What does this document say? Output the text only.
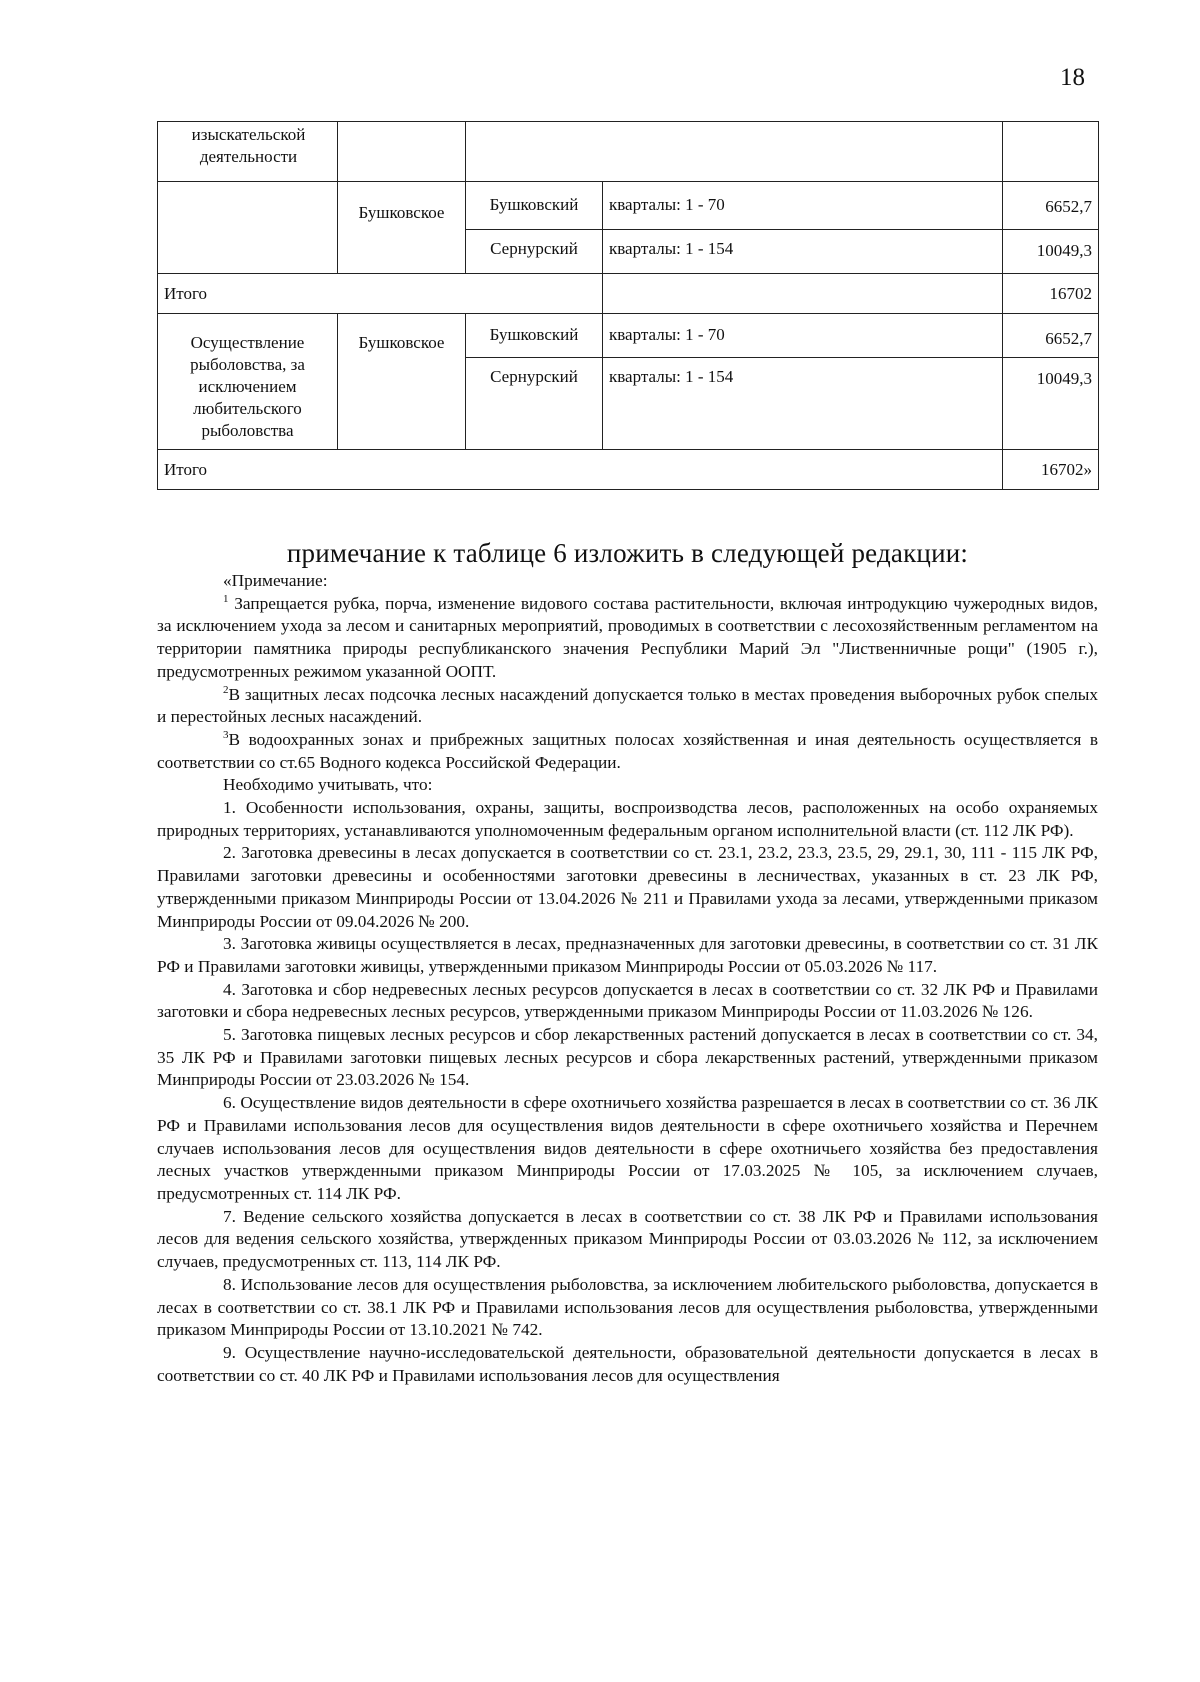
18
изыскательской деятельности				
	Бушковское	Бушковский	кварталы: 1 - 70	6652,7
		Сернурский	кварталы: 1 - 154	10049,3
Итого				16702
Осуществление рыболовства, за исключением любительского рыболовства	Бушковское	Бушковский	кварталы: 1 - 70	6652,7
		Сернурский	кварталы: 1 - 154	10049,3
Итого				16702»
примечание к таблице 6 изложить в следующей редакции:

«Примечание:

$^1$ Запрещается рубка, порча, изменение видового состава растительности, включая интродукцию чужеродных видов, за исключением ухода за лесом и санитарных мероприятий, проводимых в соответствии с лесохозяйственным регламентом на территории памятника природы республиканского значения Республики Марий Эл "Лиственничные рощи" (1905 г.), предусмотренных режимом указанной ООПТ.

$^2$В защитных лесах подсочка лесных насаждений допускается только в местах проведения выборочных рубок спелых и перестойных лесных насаждений.

$^3$В водоохранных зонах и прибрежных защитных полосах хозяйственная и иная деятельность осуществляется в соответствии со ст.65 Водного кодекса Российской Федерации.

Необходимо учитывать, что:

1. Особенности использования, охраны, защиты, воспроизводства лесов, расположенных на особо охраняемых природных территориях, устанавливаются уполномоченным федеральным органом исполнительной власти (ст. 112 ЛК РФ).

2. Заготовка древесины в лесах допускается в соответствии со ст. 23.1, 23.2, 23.3, 23.5, 29, 29.1, 30, 111 - 115 ЛК РФ, Правилами заготовки древесины и особенностями заготовки древесины в лесничествах, указанных в ст. 23 ЛК РФ, утвержденными приказом Минприроды России от 13.04.2026 № 211 и Правилами ухода за лесами, утвержденными приказом Минприроды России от 09.04.2026 № 200.

3. Заготовка живицы осуществляется в лесах, предназначенных для заготовки древесины, в соответствии со ст. 31 ЛК РФ и Правилами заготовки живицы, утвержденными приказом Минприроды России от 05.03.2026 № 117.

4. Заготовка и сбор недревесных лесных ресурсов допускается в лесах в соответствии со ст. 32 ЛК РФ и Правилами заготовки и сбора недревесных лесных ресурсов, утвержденными приказом Минприроды России от 11.03.2026 № 126.

5. Заготовка пищевых лесных ресурсов и сбор лекарственных растений допускается в лесах в соответствии со ст. 34, 35 ЛК РФ и Правилами заготовки пищевых лесных ресурсов и сбора лекарственных растений, утвержденными приказом Минприроды России от 23.03.2026 № 154.

6. Осуществление видов деятельности в сфере охотничьего хозяйства разрешается в лесах в соответствии со ст. 36 ЛК РФ и Правилами использования лесов для осуществления видов деятельности в сфере охотничьего хозяйства и Перечнем случаев использования лесов для осуществления видов деятельности в сфере охотничьего хозяйства без предоставления лесных участков утвержденными приказом Минприроды России от 17.03.2025 № 105, за исключением случаев, предусмотренных ст. 114 ЛК РФ.

7. Ведение сельского хозяйства допускается в лесах в соответствии со ст. 38 ЛК РФ и Правилами использования лесов для ведения сельского хозяйства, утвержденных приказом Минприроды России от 03.03.2026 № 112, за исключением случаев, предусмотренных ст. 113, 114 ЛК РФ.

8. Использование лесов для осуществления рыболовства, за исключением любительского рыболовства, допускается в лесах в соответствии со ст. 38.1 ЛК РФ и Правилами использования лесов для осуществления рыболовства, утвержденными приказом Минприроды России от 13.10.2021 № 742.

9. Осуществление научно-исследовательской деятельности, образовательной деятельности допускается в лесах в соответствии со ст. 40 ЛК РФ и Правилами использования лесов для осуществления
